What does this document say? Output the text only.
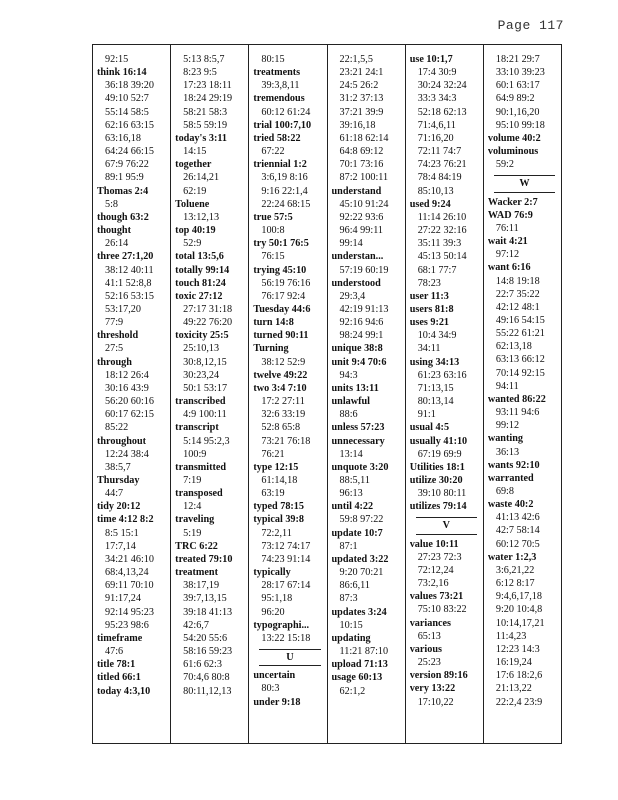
Page 117
92:15
think 16:14
36:18 39:20
49:10 52:7
55:14 58:5
62:16 63:15
63:16,18
64:24 66:15
67:9 76:22
89:1 95:9
Thomas 2:4
5:8
though 63:2
thought
26:14
three 27:1,20
38:12 40:11
41:1 52:8,8
52:16 53:15
53:17,20
77:9
threshold
27:5
through
18:12 26:4
30:16 43:9
56:20 60:16
60:17 62:15
85:22
throughout
12:24 38:4
38:5,7
Thursday
44:7
tidy 20:12
time 4:12 8:2
8:5 15:1
17:7,14
34:21 46:10
68:4,13,24
69:11 70:10
91:17,24
92:14 95:23
95:23 98:6
timeframe
47:6
title 78:1
titled 66:1
today 4:3,10
5:13 8:5,7
8:23 9:5
17:23 18:11
18:24 29:19
58:21 58:3
58:5 59:19
today's 3:11
14:15
together
26:14,21
62:19
Toluene
13:12,13
top 40:19
52:9
total 13:5,6
totally 99:14
touch 81:24
toxic 27:12
27:17 31:18
49:22 76:20
toxicity 25:5
25:10,13
30:8,12,15
30:23,24
50:1 53:17
transcribed
4:9 100:11
transcript
5:14 95:2,3
100:9
transmitted
7:19
transposed
12:4
traveling
5:19
TRC 6:22
treated 79:10
treatment
38:17,19
39:7,13,15
39:18 41:13
42:6,7
54:20 55:6
58:16 59:23
61:6 62:3
70:4,6 80:8
80:11,12,13
80:15
treatments
39:3,8,11
tremendous
60:12 61:24
trial 100:7,10
tried 58:22
67:22
triennial 1:2
3:6,19 8:16
9:16 22:1,4
22:24 68:15
true 57:5
100:8
try 50:1 76:5
76:15
trying 45:10
56:19 76:16
76:17 92:4
Tuesday 44:6
turn 14:8
turned 90:11
Turning
38:12 52:9
twelve 49:22
two 3:4 7:10
17:2 27:11
32:6 33:19
52:8 65:8
73:21 76:18
76:21
type 12:15
61:14,18
63:19
typed 78:15
typical 39:8
72:2,11
73:12 74:17
74:23 91:14
typically
28:17 67:14
95:1,18
96:20
typographi...
13:22 15:18
U
uncertain
80:3
under 9:18
22:1,5,5
23:21 24:1
24:5 26:2
31:2 37:13
37:21 39:9
39:16,18
61:18 62:14
64:8 69:12
70:1 73:16
87:2 100:11
understand
45:10 91:24
92:22 93:6
96:4 99:11
99:14
understan...
57:19 60:19
understood
29:3,4
42:19 91:13
92:16 94:6
98:24 99:1
unique 38:8
unit 9:4 70:6
94:3
units 13:11
unlawful
88:6
unless 57:23
unnecessary
13:14
unquote 3:20
88:5,11
96:13
until 4:22
59:8 97:22
update 10:7
87:1
updated 3:22
9:20 70:21
86:6,11
87:3
updates 3:24
10:15
updating
11:21 87:10
upload 71:13
usage 60:13
62:1,2
use 10:1,7
17:4 30:9
30:24 32:24
33:3 34:3
52:18 62:13
71:4,6,11
71:16,20
72:11 74:7
74:23 76:21
78:4 84:19
85:10,13
used 9:24
11:14 26:10
27:22 32:16
35:11 39:3
45:13 50:14
68:1 77:7
78:23
user 11:3
users 81:8
uses 9:21
10:4 34:9
34:11
using 34:13
61:23 63:16
71:13,15
80:13,14
91:1
usual 4:5
usually 41:10
67:19 69:9
Utilities 18:1
utilize 30:20
39:10 80:11
utilizes 79:14
V
value 10:11
27:23 72:3
72:12,24
73:2,16
values 73:21
75:10 83:22
variances
65:13
various
25:23
version 89:16
very 13:22
17:10,22
18:21 29:7
33:10 39:23
60:1 63:17
64:9 89:2
90:1,16,20
95:10 99:18
volume 40:2
voluminous
59:2
W
Wacker 2:7
WAD 76:9
76:11
wait 4:21
97:12
want 6:16
14:8 19:18
22:7 35:22
42:12 48:1
49:16 54:15
55:22 61:21
62:13,18
63:13 66:12
70:14 92:15
94:11
wanted 86:22
93:11 94:6
99:12
wanting
36:13
wants 92:10
warranted
69:8
waste 40:2
41:13 42:6
42:7 58:14
60:12 70:5
water 1:2,3
3:6,21,22
6:12 8:17
9:4,6,17,18
9:20 10:4,8
10:14,17,21
11:4,23
12:23 14:3
16:19,24
17:6 18:2,6
21:13,22
22:2,4 23:9
